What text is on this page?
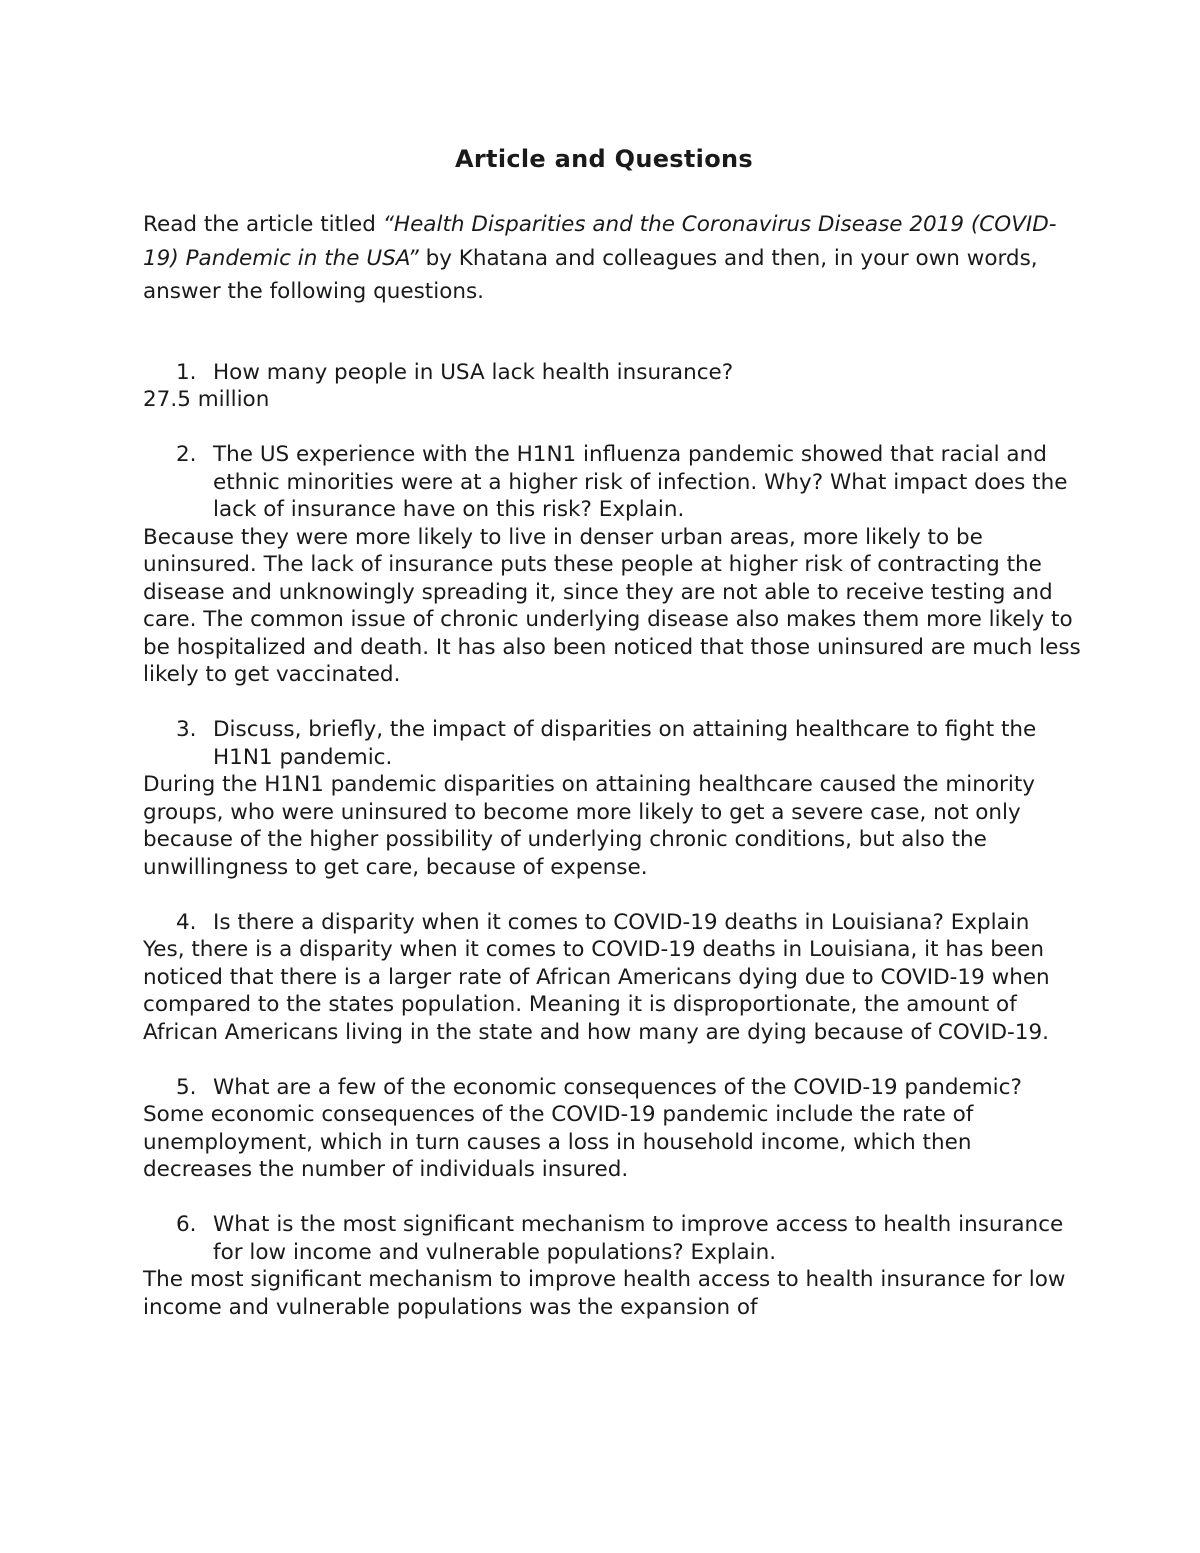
Article and Questions

Read the article titled “Health Disparities and the Coronavirus Disease 2019 (COVID-19) Pandemic in the USA” by Khatana and colleagues and then, in your own words, answer the following questions.

1. How many people in USA lack health insurance?

27.5 million

2. The US experience with the H1N1 influenza pandemic showed that racial and ethnic minorities were at a higher risk of infection. Why? What impact does the lack of insurance have on this risk? Explain.

Because they were more likely to live in denser urban areas, more likely to be uninsured. The lack of insurance puts these people at higher risk of contracting the disease and unknowingly spreading it, since they are not able to receive testing and care. The common issue of chronic underlying disease also makes them more likely to be hospitalized and death. It has also been noticed that those uninsured are much less likely to get vaccinated.

3. Discuss, briefly, the impact of disparities on attaining healthcare to fight the H1N1 pandemic.

During the H1N1 pandemic disparities on attaining healthcare caused the minority groups, who were uninsured to become more likely to get a severe case, not only because of the higher possibility of underlying chronic conditions, but also the unwillingness to get care, because of expense.

4. Is there a disparity when it comes to COVID-19 deaths in Louisiana? Explain

Yes, there is a disparity when it comes to COVID-19 deaths in Louisiana, it has been noticed that there is a larger rate of African Americans dying due to COVID-19 when compared to the states population. Meaning it is disproportionate, the amount of African Americans living in the state and how many are dying because of COVID-19.

5. What are a few of the economic consequences of the COVID-19 pandemic?

Some economic consequences of the COVID-19 pandemic include the rate of unemployment, which in turn causes a loss in household income, which then decreases the number of individuals insured.

6. What is the most significant mechanism to improve access to health insurance for low income and vulnerable populations? Explain.

The most significant mechanism to improve health access to health insurance for low income and vulnerable populations was the expansion of
